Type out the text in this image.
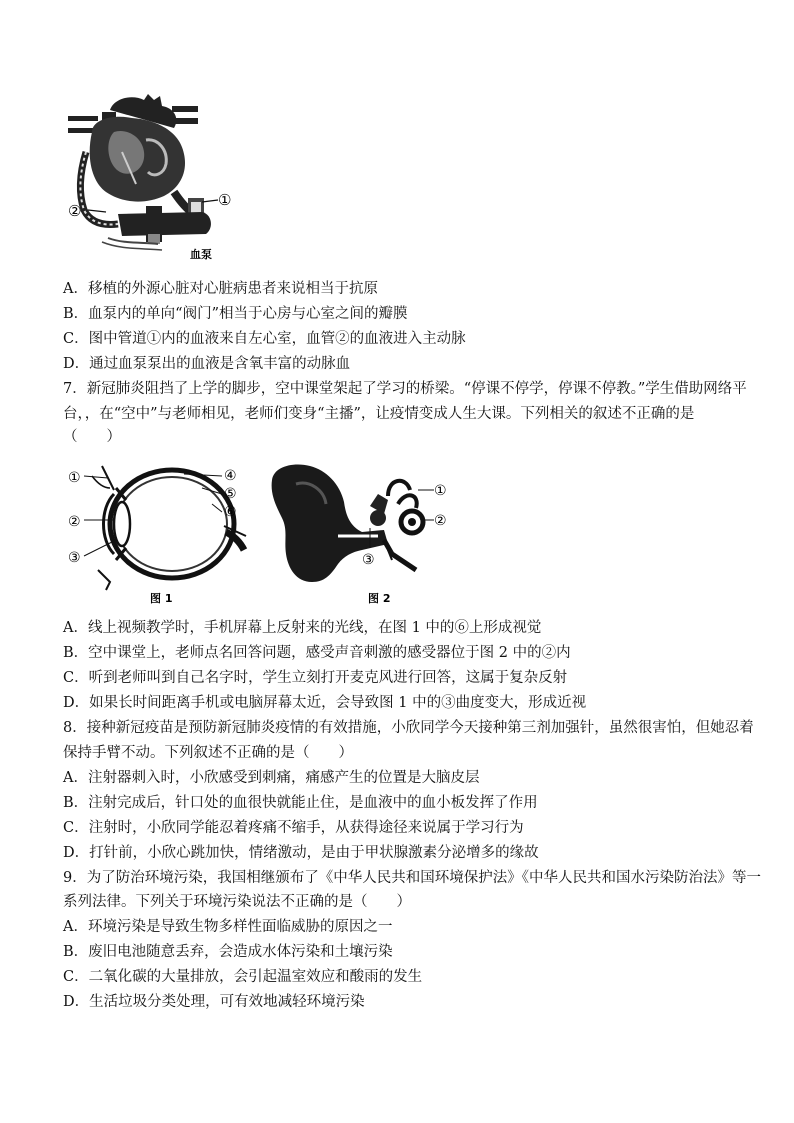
①
②
血泵
A．移植的外源心脏对心脏病患者来说相当于抗原
B．血泵内的单向“阀门”相当于心房与心室之间的瓣膜
C．图中管道①内的血液来自左心室，血管②的血液进入主动脉
D．通过血泵泵出的血液是含氧丰富的动脉血
7．新冠肺炎阻挡了上学的脚步，空中课堂架起了学习的桥梁。“停课不停学，停课不停教。”学生借助网络平
台，，在“空中”与老师相见，老师们变身“主播”，让疫情变成人生大课。下列相关的叙述不正确的是
（　　）
①
②
③
④
⑤
⑥
图 1
①
②
③
图 2
A．线上视频教学时，手机屏幕上反射来的光线，在图 1 中的⑥上形成视觉
B．空中课堂上，老师点名回答问题，感受声音刺激的感受器位于图 2 中的②内
C．听到老师叫到自己名字时，学生立刻打开麦克风进行回答，这属于复杂反射
D．如果长时间距离手机或电脑屏幕太近，会导致图 1 中的③曲度变大，形成近视
8．接种新冠疫苗是预防新冠肺炎疫情的有效措施，小欣同学今天接种第三剂加强针，虽然很害怕，但她忍着
保持手臂不动。下列叙述不正确的是（　　）
A．注射器刺入时，小欣感受到刺痛，痛感产生的位置是大脑皮层
B．注射完成后，针口处的血很快就能止住，是血液中的血小板发挥了作用
C．注射时，小欣同学能忍着疼痛不缩手，从获得途径来说属于学习行为
D．打针前，小欣心跳加快，情绪激动，是由于甲状腺激素分泌增多的缘故
9．为了防治环境污染，我国相继颁布了《中华人民共和国环境保护法》《中华人民共和国水污染防治法》等一
系列法律。下列关于环境污染说法不正确的是（　　）
A．环境污染是导致生物多样性面临威胁的原因之一
B．废旧电池随意丢弃，会造成水体污染和土壤污染
C．二氧化碳的大量排放，会引起温室效应和酸雨的发生
D．生活垃圾分类处理，可有效地减轻环境污染
